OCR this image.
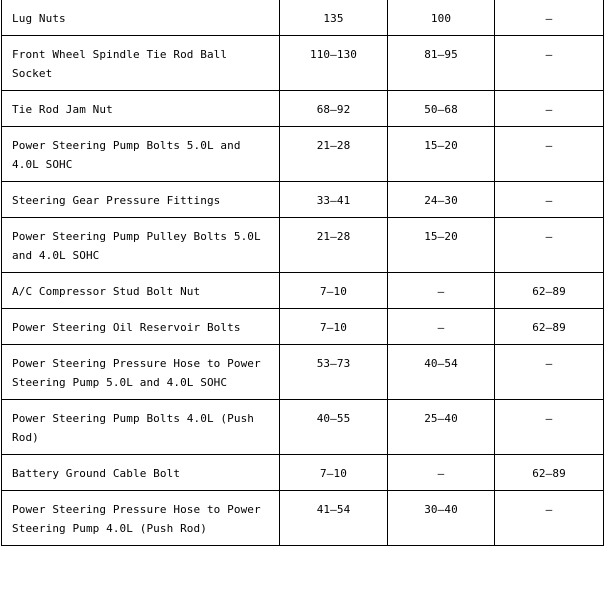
Lug Nuts	135	100	—
Front Wheel Spindle Tie Rod Ball Socket	110–130	81–95	—
Tie Rod Jam Nut	68–92	50–68	—
Power Steering Pump Bolts 5.0L and 4.0L SOHC	21–28	15–20	—
Steering Gear Pressure Fittings	33–41	24–30	—
Power Steering Pump Pulley Bolts 5.0L and 4.0L SOHC	21–28	15–20	—
A/C Compressor Stud Bolt Nut	7–10	—	62–89
Power Steering Oil Reservoir Bolts	7–10	—	62–89
Power Steering Pressure Hose to Power Steering Pump 5.0L and 4.0L SOHC	53–73	40–54	—
Power Steering Pump Bolts 4.0L (Push Rod)	40–55	25–40	—
Battery Ground Cable Bolt	7–10	—	62–89
Power Steering Pressure Hose to Power Steering Pump 4.0L (Push Rod)	41–54	30–40	—
